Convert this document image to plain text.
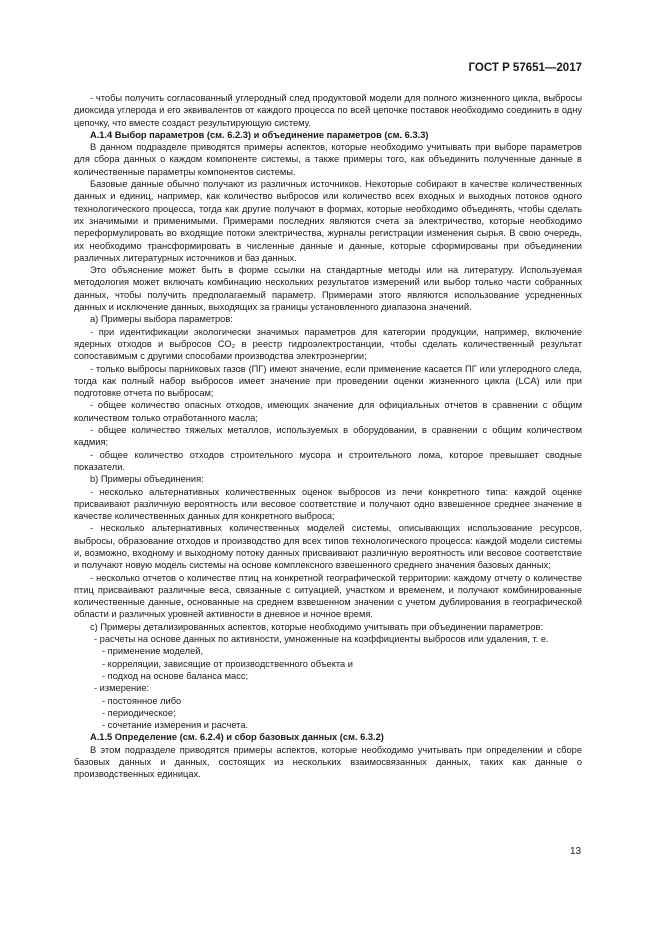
ГОСТ Р 57651—2017

- чтобы получить согласованный углеродный след продуктовой модели для полного жизненного цикла, выбросы диоксида углерода и его эквивалентов от каждого процесса по всей цепочке поставок необходимо соединить в одну цепочку, что вместе создаст результирующую систему.

A.1.4 Выбор параметров (см. 6.2.3) и объединение параметров (см. 6.3.3)

В данном подразделе приводятся примеры аспектов, которые необходимо учитывать при выборе параметров для сбора данных о каждом компоненте системы, а также примеры того, как объединить полученные данные в количественные параметры компонентов системы.

Базовые данные обычно получают из различных источников. Некоторые собирают в качестве количественных данных и единиц, например, как количество выбросов или количество всех входных и выходных потоков одного технологического процесса, тогда как другие получают в формах, которые необходимо объединять, чтобы сделать их значимыми и применимыми. Примерами последних являются счета за электричество, которые необходимо переформулировать во входящие потоки электричества, журналы регистрации изменения сырья. В свою очередь, их необходимо трансформировать в численные данные и данные, которые сформированы при объединении различных литературных источников и баз данных.

Это объяснение может быть в форме ссылки на стандартные методы или на литературу. Используемая методология может включать комбинацию нескольких результатов измерений или выбор только части собранных данных, чтобы получить предполагаемый параметр. Примерами этого являются использование усредненных данных и исключение данных, выходящих за границы установленного диапазона значений.

a) Примеры выбора параметров:

- при идентификации экологически значимых параметров для категории продукции, например, включение ядерных отходов и выбросов CO₂ в реестр гидроэлектростанции, чтобы сделать количественный результат сопоставимым с другими способами производства электроэнергии;

- только выбросы парниковых газов (ПГ) имеют значение, если применение касается ПГ или углеродного следа, тогда как полный набор выбросов имеет значение при проведении оценки жизненного цикла (LCA) или при подготовке отчета по выбросам;

- общее количество опасных отходов, имеющих значение для официальных отчетов в сравнении с общим количеством только отработанного масла;

- общее количество тяжелых металлов, используемых в оборудовании, в сравнении с общим количеством кадмия;

- общее количество отходов строительного мусора и строительного лома, которое превышает сводные показатели.

b) Примеры объединения:

- несколько альтернативных количественных оценок выбросов из печи конкретного типа: каждой оценке присваивают различную вероятность или весовое соответствие и получают одно взвешенное среднее значение в качестве количественных данных для конкретного выброса;

- несколько альтернативных количественных моделей системы, описывающих использование ресурсов, выбросы, образование отходов и производство для всех типов технологического процесса: каждой модели системы и, возможно, входному и выходному потоку данных присваивают различную вероятность или весовое соответствие и получают новую модель системы на основе комплексного взвешенного среднего значения базовых данных;

- несколько отчетов о количестве птиц на конкретной географической территории: каждому отчету о количестве птиц присваивают различные веса, связанные с ситуацией, участком и временем, и получают комбинированные количественные данные, основанные на среднем взвешенном значении с учетом дублирования в географической области и различных уровней активности в дневное и ночное время.

c) Примеры детализированных аспектов, которые необходимо учитывать при объединении параметров:

- расчеты на основе данных по активности, умноженные на коэффициенты выбросов или удаления, т. е.

- применение моделей,

- корреляции, зависящие от производственного объекта и

- подход на основе баланса масс;

- измерение:

- постоянное либо

- периодическое;

- сочетание измерения и расчета.

A.1.5 Определение (см. 6.2.4) и сбор базовых данных (см. 6.3.2)

В этом подразделе приводятся примеры аспектов, которые необходимо учитывать при определении и сборе базовых данных и данных, состоящих из нескольких взаимосвязанных данных, таких как данные о производственных единицах.

13
